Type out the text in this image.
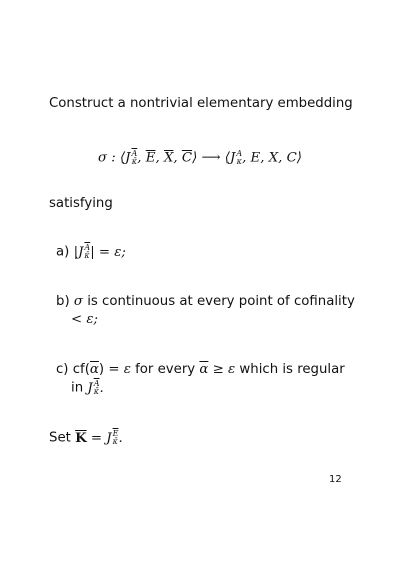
Construct a nontrivial elementary embedding
σ : ⟨J $\overline{A}$
κ̄ , $\overline{E}$, $\overline{X}$, $\overline{C}⟩$ ⟶ ⟨J A
κ , E, X, C⟩
satisfying
a) |J $\overline{A}$
κ̄ | = ε;
b) σ is continuous at every point of cofinality
< ε;
c) $cf(\overline{\alpha}) = \varepsilon$ for every $\overline{\alpha} \ge \varepsilon$ which is regular
in J $\overline{A}$
κ̄ .
Set $\overline{K} = J$ $\overline{E}$
κ̄ .
12
